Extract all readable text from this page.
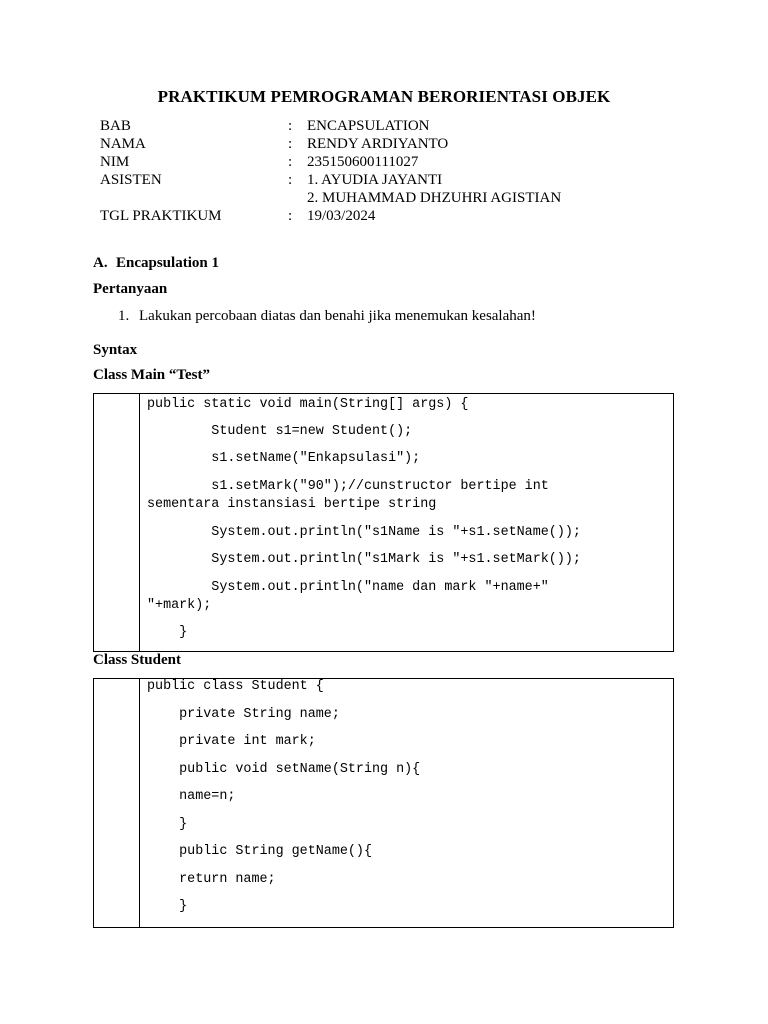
PRAKTIKUM PEMROGRAMAN BERORIENTASI OBJEK
BAB	: ENCAPSULATION
NAMA	: RENDY ARDIYANTO
NIM	: 235150600111027
ASISTEN	: 1. AYUDIA JAYANTI
2. MUHAMMAD DHZUHRI AGISTIAN
TGL PRAKTIKUM	: 19/03/2024
A. Encapsulation 1
Pertanyaan
1. Lakukan percobaan diatas dan benahi jika menemukan kesalahan!
Syntax
Class Main “Test”

public static void main(String[] args) {

Student s1=new Student();

s1.setName("Enkapsulasi");

s1.setMark("90");//cunstructor bertipe int

sementara instansiasi bertipe string

System.out.println("s1Name is "+s1.setName());

System.out.println("s1Mark is "+s1.setMark());

System.out.println("name dan mark "+name+"

"+mark);

}

Class Student

public class Student {

private String name;

private int mark;

public void setName(String n){

name=n;

}

public String getName(){

return name;

}
